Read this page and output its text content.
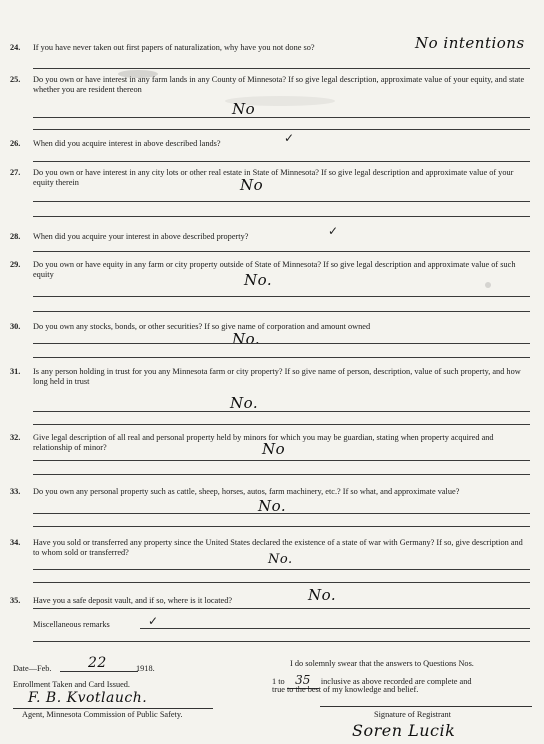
24.	If you have never taken out first papers of naturalization, why have you not done so?	No intentions
25.	Do you own or have interest in any farm lands in any County of Minnesota? If so give legal description, approximate value of your equity, and state whether you are resident thereon
No
26.	When did you acquire interest in above described lands?	✓
27.	Do you own or have interest in any city lots or other real estate in State of Minnesota? If so give legal description and approximate value of your equity therein	No
28.	When did you acquire your interest in above described property?	✓
29.	Do you own or have equity in any farm or city property outside of State of Minnesota? If so give legal description and approximate value of such equity	No.
30.	Do you own any stocks, bonds, or other securities? If so give name of corporation and amount owned
No.
31.	Is any person holding in trust for you any Minnesota farm or city property? If so give name of person, description, value of such property, and how long held in trust
No.
32.	Give legal description of all real and personal property held by minors for which you may be guardian, stating when property acquired and relationship of minor?	No
33.	Do you own any personal property such as cattle, sheep, horses, autos, farm machinery, etc.? If so what, and approximate value?
No.
34.	Have you sold or transferred any property since the United States declared the existence of a state of war with Germany? If so, give description and to whom sold or transferred?	No.
35.	Have you a safe deposit vault, and if so, where is it located?	No.
Miscellaneous remarks	✓
Date—Feb.	22	1918.
Enrollment Taken and Card Issued.
F. B. Kvotlauch.
Agent, Minnesota Commission of Public Safety.
I do solemnly swear that the answers to Questions Nos.
1 to 35 inclusive as above recorded are complete and
true to the best of my knowledge and belief.
Signature of Registrant
Soren Lucik
